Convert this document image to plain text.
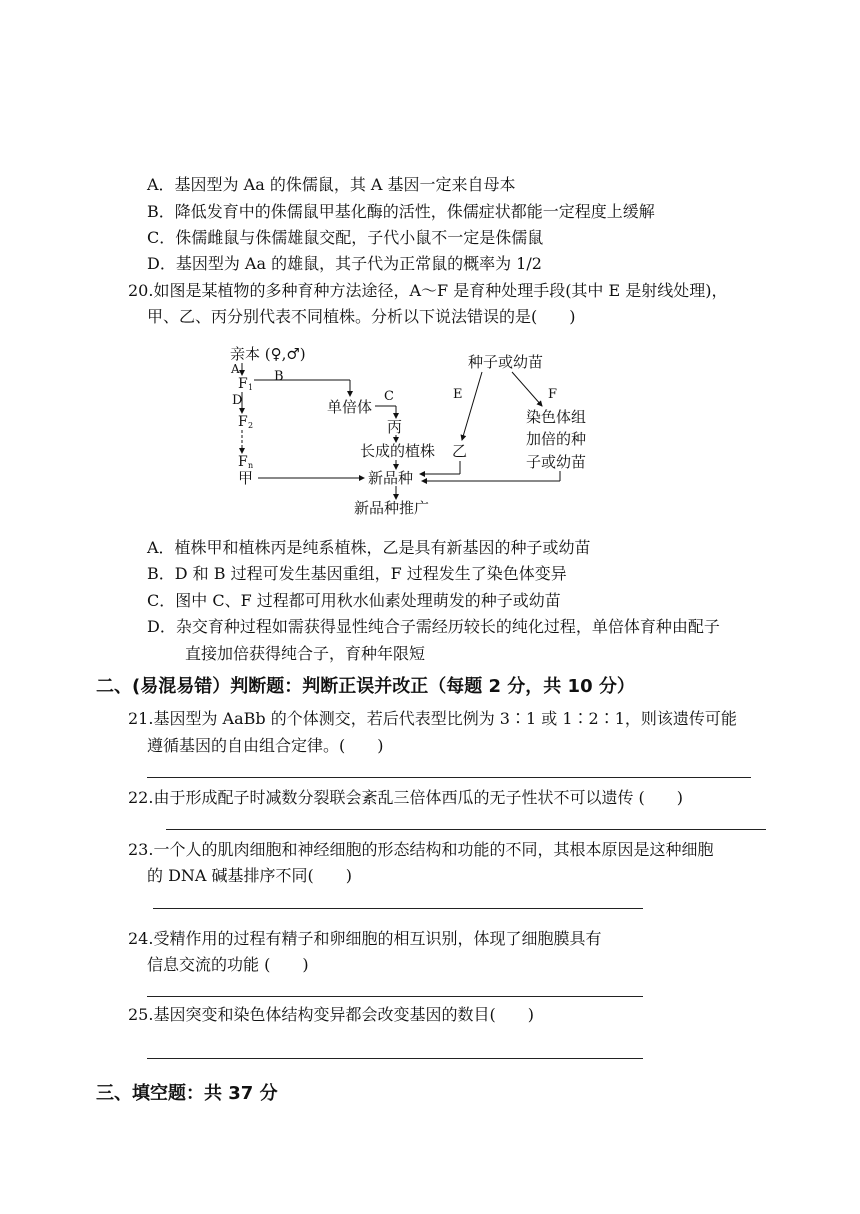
A．基因型为 Aa 的侏儒鼠，其 A 基因一定来自母本
B．降低发育中的侏儒鼠甲基化酶的活性，侏儒症状都能一定程度上缓解
C．侏儒雌鼠与侏儒雄鼠交配，子代小鼠不一定是侏儒鼠
D．基因型为 Aa 的雄鼠，其子代为正常鼠的概率为 1/2
20.如图是某植物的多种育种方法途径，A～F 是育种处理手段(其中 E 是射线处理)，
甲、乙、丙分别代表不同植株。分析以下说法错误的是(　　)
亲本 (♀,♂)
A
F 1
B
D
F 2
F n
甲
单倍体
C
丙
长成的植株 乙
种子或幼苗
E	F
染色体组
加倍的种
子或幼苗
新品种
新品种推广
A．植株甲和植株丙是纯系植株，乙是具有新基因的种子或幼苗
B．D 和 B 过程可发生基因重组，F 过程发生了染色体变异
C．图中 C、F 过程都可用秋水仙素处理萌发的种子或幼苗
D．杂交育种过程如需获得显性纯合子需经历较长的纯化过程，单倍体育种由配子
直接加倍获得纯合子，育种年限短
二、(易混易错）判断题：判断正误并改正（每题 2 分，共 10 分）
21.基因型为 AaBb 的个体测交，若后代表型比例为 3∶1 或 1∶2∶1，则该遗传可能
遵循基因的自由组合定律。(　　)
22.由于形成配子时减数分裂联会紊乱三倍体西瓜的无子性状不可以遗传 (　　)
23.一个人的肌肉细胞和神经细胞的形态结构和功能的不同，其根本原因是这种细胞
的 DNA 碱基排序不同(　　)
24.受精作用的过程有精子和卵细胞的相互识别，体现了细胞膜具有
信息交流的功能 (　　)
25.基因突变和染色体结构变异都会改变基因的数目(　　)
三、填空题：共 37 分
